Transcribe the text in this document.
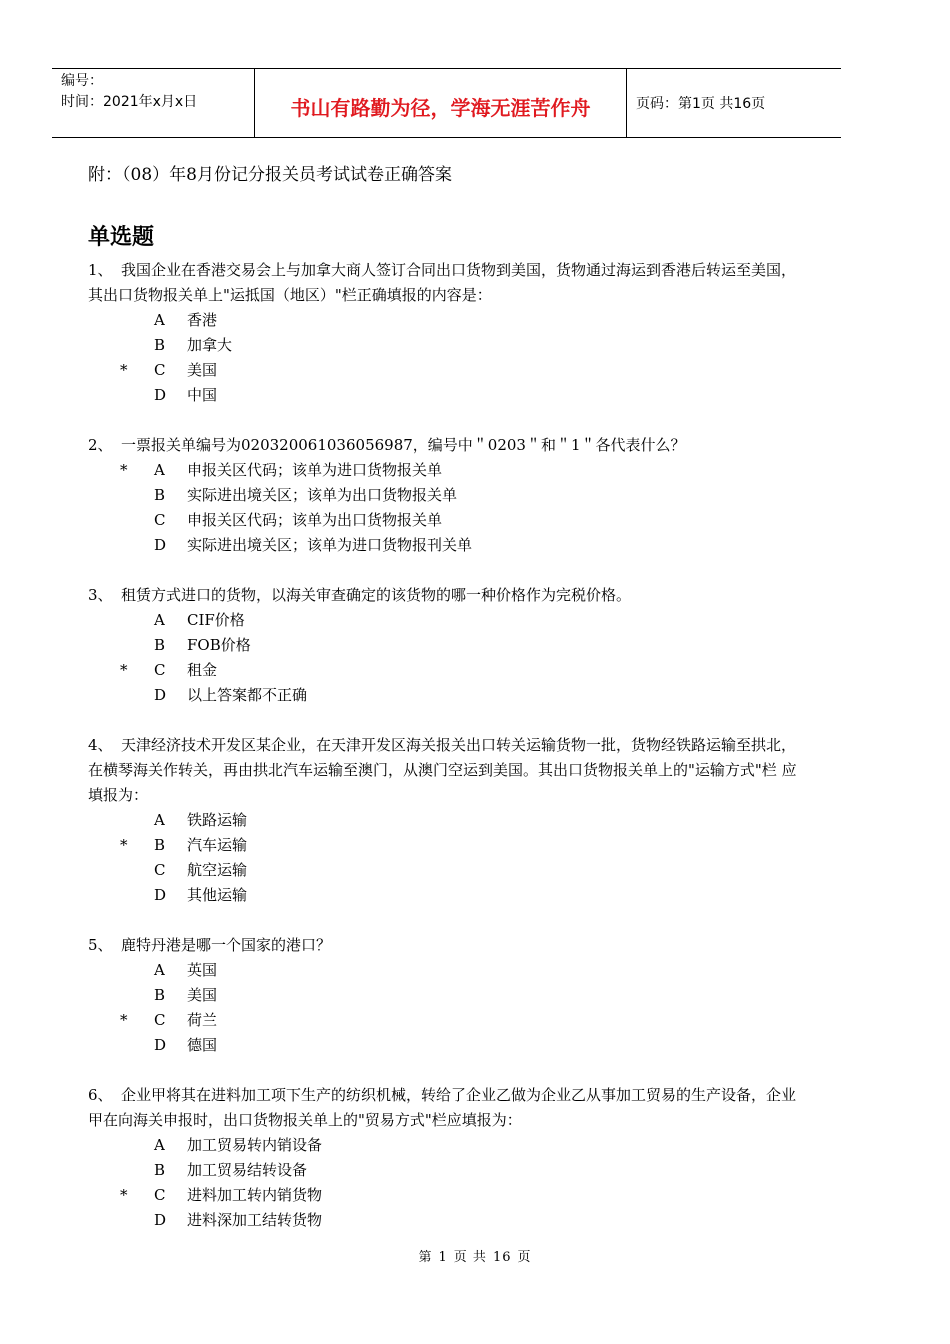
编号：
时间：2021年x月x日	书山有路勤为径，学海无涯苦作舟	页码：第1页 共16页
附：（08）年8月份记分报关员考试试卷正确答案
单选题
1、 我国企业在香港交易会上与加拿大商人签订合同出口货物到美国，货物通过海运到香港后转运至美国，其出口货物报关单上"运抵国（地区）"栏正确填报的内容是：
A	香港
B	加拿大
*	C	美国
D	中国
2、 一票报关单编号为020320061036056987，编号中＂0203＂和＂1＂各代表什么？
*	A	申报关区代码；该单为进口货物报关单
B	实际进出境关区；该单为出口货物报关单
C	申报关区代码；该单为出口货物报关单
D	实际进出境关区；该单为进口货物报刊关单
3、 租赁方式进口的货物，以海关审查确定的该货物的哪一种价格作为完税价格。
A	CIF价格
B	FOB价格
*	C	租金
D	以上答案都不正确
4、 天津经济技术开发区某企业，在天津开发区海关报关出口转关运输货物一批，货物经铁路运输至拱北，在横琴海关作转关，再由拱北汽车运输至澳门，从澳门空运到美国。其出口货物报关单上的"运输方式"栏 应填报为：
A	铁路运输
*	B	汽车运输
C	航空运输
D	其他运输
5、 鹿特丹港是哪一个国家的港口？
A	英国
B	美国
*	C	荷兰
D	德国
6、 企业甲将其在进料加工项下生产的纺织机械，转给了企业乙做为企业乙从事加工贸易的生产设备，企业甲在向海关申报时，出口货物报关单上的"贸易方式"栏应填报为：
A	加工贸易转内销设备
B	加工贸易结转设备
*	C	进料加工转内销货物
D	进料深加工结转货物
第 1 页 共 16 页
